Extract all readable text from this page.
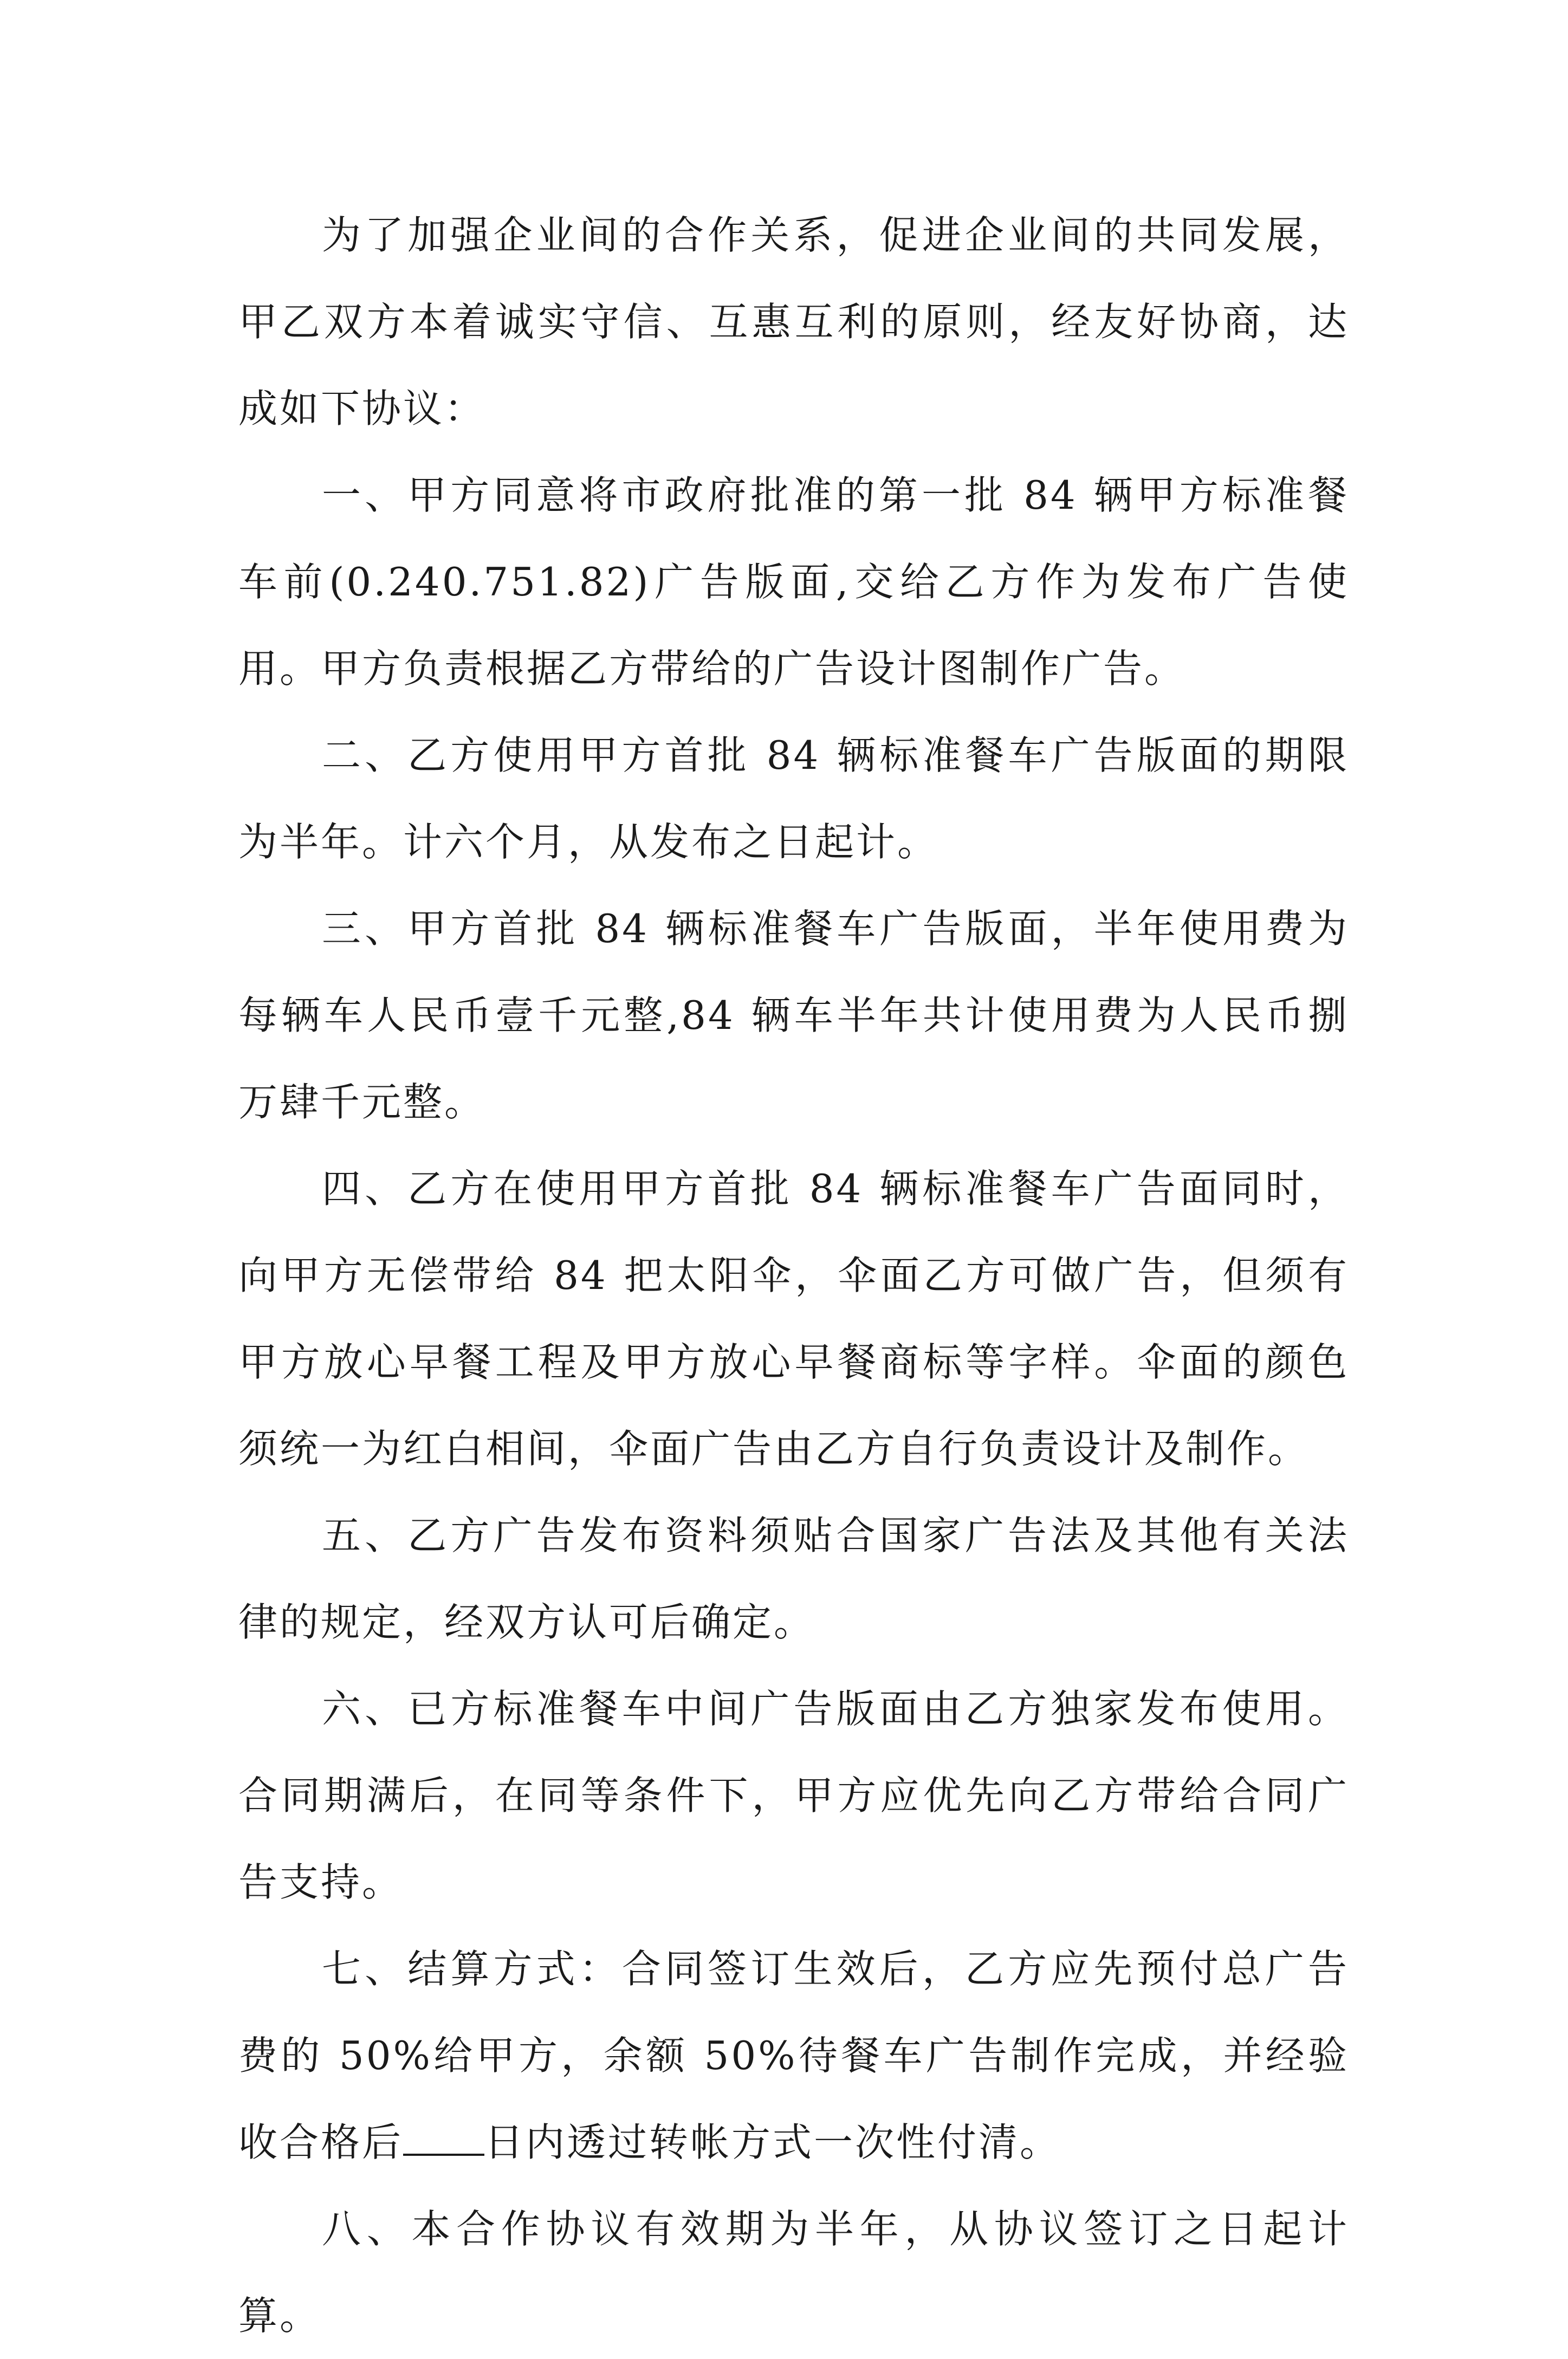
为了加强企业间的合作关系，促进企业间的共同发展，甲乙双方本着诚实守信、互惠互利的原则，经友好协商，达成如下协议：

一、甲方同意将市政府批准的第一批 84 辆甲方标准餐车前(0.240.751.82)广告版面,交给乙方作为发布广告使用。甲方负责根据乙方带给的广告设计图制作广告。

二、乙方使用甲方首批 84 辆标准餐车广告版面的期限为半年。计六个月，从发布之日起计。

三、甲方首批 84 辆标准餐车广告版面，半年使用费为每辆车人民币壹千元整,84 辆车半年共计使用费为人民币捌万肆千元整。

四、乙方在使用甲方首批 84 辆标准餐车广告面同时，向甲方无偿带给 84 把太阳伞，伞面乙方可做广告，但须有甲方放心早餐工程及甲方放心早餐商标等字样。伞面的颜色须统一为红白相间，伞面广告由乙方自行负责设计及制作。

五、乙方广告发布资料须贴合国家广告法及其他有关法律的规定，经双方认可后确定。

六、已方标准餐车中间广告版面由乙方独家发布使用。合同期满后，在同等条件下，甲方应优先向乙方带给合同广告支持。

七、结算方式：合同签订生效后，乙方应先预付总广告费的 50%给甲方，余额 50%待餐车广告制作完成，并经验收合格后 日内透过转帐方式一次性付清。

八、本合作协议有效期为半年，从协议签订之日起计算。
